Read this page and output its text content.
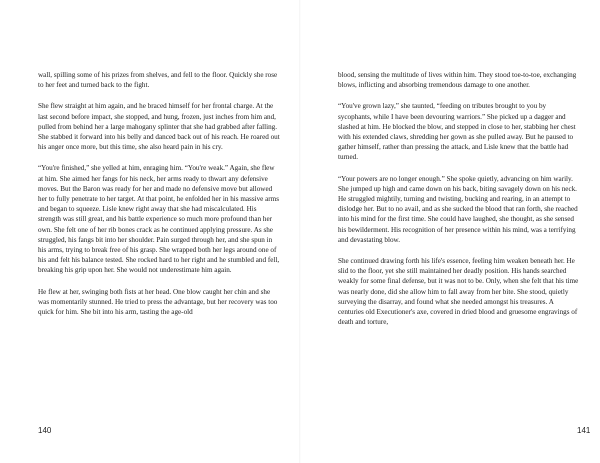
wall, spilling some of his prizes from shelves, and fell to the floor. Quickly she rose to her feet and turned back to the fight.

She flew straight at him again, and he braced himself for her frontal charge. At the last second before impact, she stopped, and hung, frozen, just inches from him and, pulled from behind her a large mahogany splinter that she had grabbed after falling. She stabbed it forward into his belly and danced back out of his reach. He roared out his anger once more, but this time, she also heard pain in his cry.

“You're finished,” she yelled at him, enraging him. “You're weak.” Again, she flew at him. She aimed her fangs for his neck, her arms ready to thwart any defensive moves. But the Baron was ready for her and made no defensive move but allowed her to fully penetrate to her target. At that point, he enfolded her in his massive arms and began to squeeze. Lisle knew right away that she had miscalculated. His strength was still great, and his battle experience so much more profound than her own. She felt one of her rib bones crack as he continued applying pressure. As she struggled, his fangs bit into her shoulder. Pain surged through her, and she spun in his arms, trying to break free of his grasp. She wrapped both her legs around one of his and felt his balance tested. She rocked hard to her right and he stumbled and fell, breaking his grip upon her. She would not underestimate him again.

He flew at her, swinging both fists at her head. One blow caught her chin and she was momentarily stunned. He tried to press the advantage, but her recovery was too quick for him. She bit into his arm, tasting the age-old

140

blood, sensing the multitude of lives within him. They stood toe-to-toe, exchanging blows, inflicting and absorbing tremendous damage to one another.

“You've grown lazy,” she taunted, “feeding on tributes brought to you by sycophants, while I have been devouring warriors.” She picked up a dagger and slashed at him. He blocked the blow, and stepped in close to her, stabbing her chest with his extended claws, shredding her gown as she pulled away. But he paused to gather himself, rather than pressing the attack, and Lisle knew that the battle had turned.

“Your powers are no longer enough.” She spoke quietly, advancing on him warily. She jumped up high and came down on his back, biting savagely down on his neck. He struggled mightily, turning and twisting, bucking and rearing, in an attempt to dislodge her. But to no avail, and as she sucked the blood that ran forth, she reached into his mind for the first time. She could have laughed, she thought, as she sensed his bewilderment. His recognition of her presence within his mind, was a terrifying and devastating blow.

She continued drawing forth his life's essence, feeling him weaken beneath her. He slid to the floor, yet she still maintained her deadly position. His hands searched weakly for some final defense, but it was not to be. Only, when she felt that his time was nearly done, did she allow him to fall away from her bite. She stood, quietly surveying the disarray, and found what she needed amongst his treasures. A centuries old Executioner's axe, covered in dried blood and gruesome engravings of death and torture,

141
